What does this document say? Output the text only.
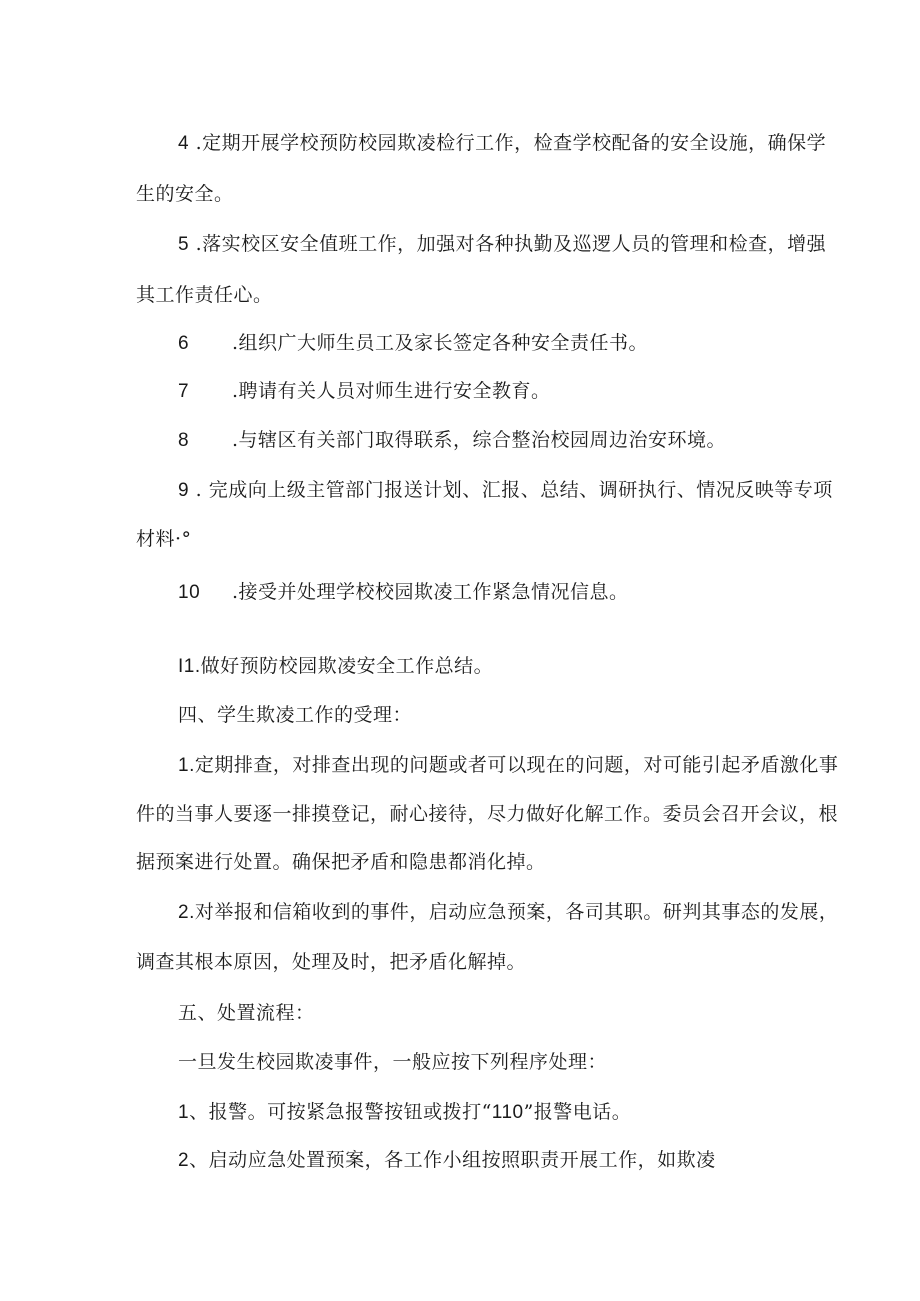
4 .定期开展学校预防校园欺凌检行工作，检查学校配备的安全设施，确保学
生的安全。
5 .落实校区安全值班工作，加强对各种执勤及巡逻人员的管理和检查，增强
其工作责任心。
6 .组织广大师生员工及家长签定各种安全责任书。
7 .聘请有关人员对师生进行安全教育。
8 .与辖区有关部门取得联系，综合整治校园周边治安环境。
9 . 完成向上级主管部门报送计划、汇报、总结、调研执行、情况反映等专项
材料·°
10 .接受并处理学校校园欺凌工作紧急情况信息。
I1.做好预防校园欺凌安全工作总结。
四、学生欺凌工作的受理：
1.定期排查，对排查出现的问题或者可以现在的问题，对可能引起矛盾激化事
件的当事人要逐一排摸登记，耐心接待，尽力做好化解工作。委员会召开会议，根
据预案进行处置。确保把矛盾和隐患都消化掉。
2.对举报和信箱收到的事件，启动应急预案，各司其职。研判其事态的发展，
调查其根本原因，处理及时，把矛盾化解掉。
五、处置流程：
一旦发生校园欺凌事件，一般应按下列程序处理：
1、报警。可按紧急报警按钮或拨打“110”报警电话。
2、启动应急处置预案，各工作小组按照职责开展工作，如欺凌
